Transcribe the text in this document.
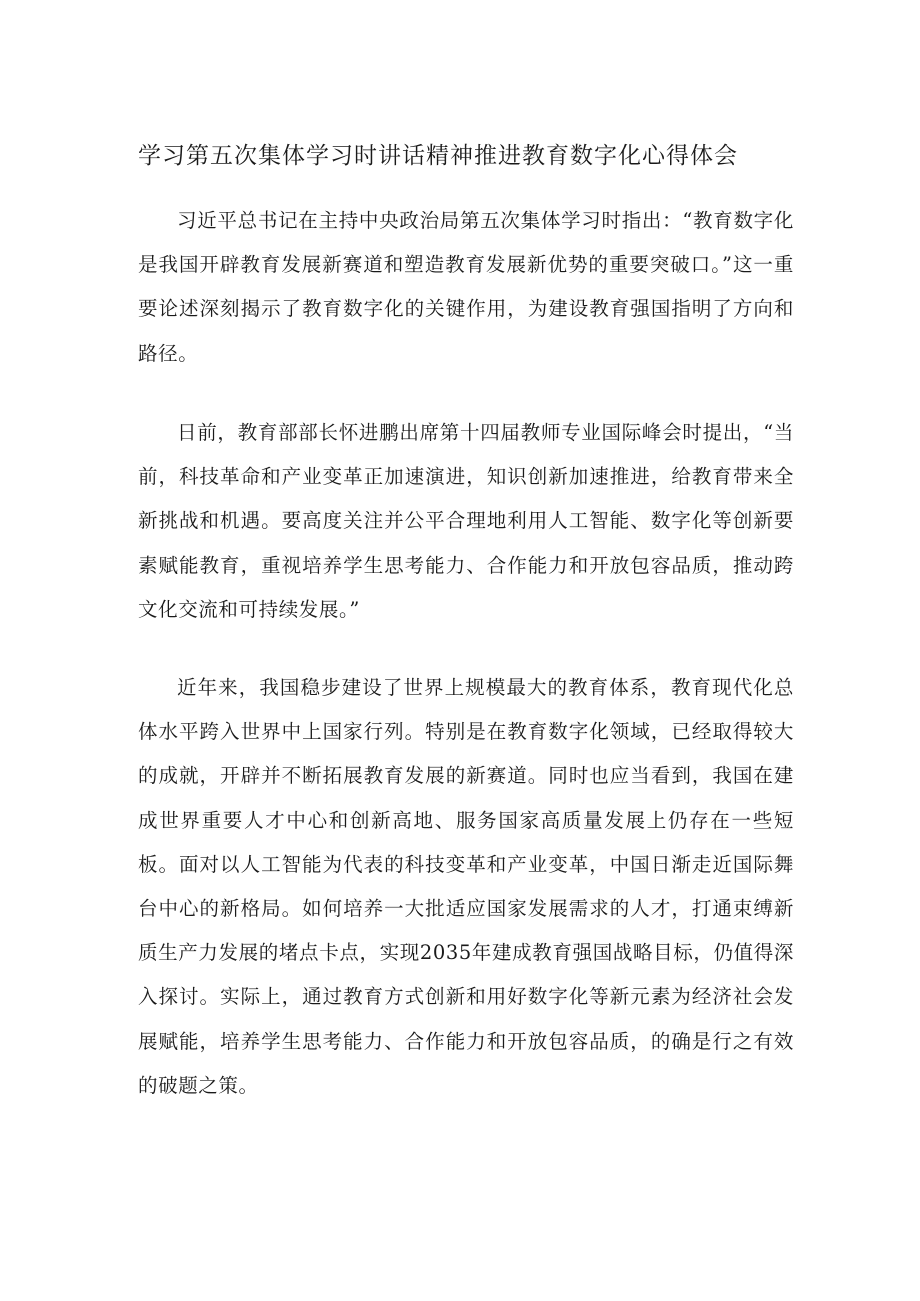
学习第五次集体学习时讲话精神推进教育数字化心得体会

习近平总书记在主持中央政治局第五次集体学习时指出：“教育数字化是我国开辟教育发展新赛道和塑造教育发展新优势的重要突破口。”这一重要论述深刻揭示了教育数字化的关键作用，为建设教育强国指明了方向和路径。

日前，教育部部长怀进鹏出席第十四届教师专业国际峰会时提出，“当前，科技革命和产业变革正加速演进，知识创新加速推进，给教育带来全新挑战和机遇。要高度关注并公平合理地利用人工智能、数字化等创新要素赋能教育，重视培养学生思考能力、合作能力和开放包容品质，推动跨文化交流和可持续发展。”

近年来，我国稳步建设了世界上规模最大的教育体系，教育现代化总体水平跨入世界中上国家行列。特别是在教育数字化领域，已经取得较大的成就，开辟并不断拓展教育发展的新赛道。同时也应当看到，我国在建成世界重要人才中心和创新高地、服务国家高质量发展上仍存在一些短板。面对以人工智能为代表的科技变革和产业变革，中国日渐走近国际舞台中心的新格局。如何培养一大批适应国家发展需求的人才，打通束缚新质生产力发展的堵点卡点，实现2035年建成教育强国战略目标，仍值得深入探讨。实际上，通过教育方式创新和用好数字化等新元素为经济社会发展赋能，培养学生思考能力、合作能力和开放包容品质，的确是行之有效的破题之策。
